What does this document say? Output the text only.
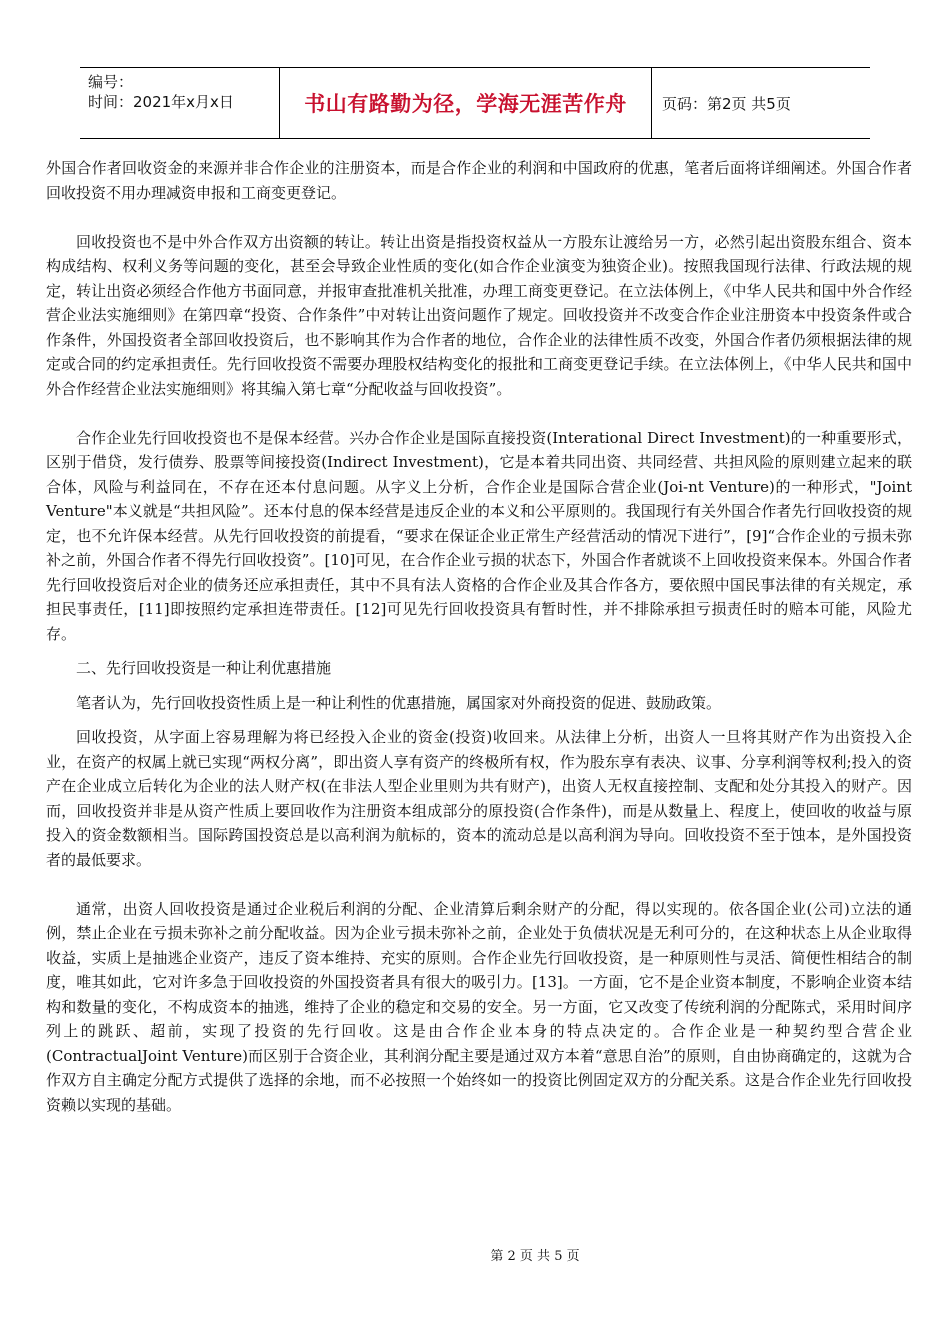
编号：
时间：2021年x月x日	书山有路勤为径，学海无涯苦作舟	页码：第2页 共5页

外国合作者回收资金的来源并非合作企业的注册资本，而是合作企业的利润和中国政府的优惠，笔者后面将详细阐述。外国合作者回收投资不用办理减资申报和工商变更登记。

回收投资也不是中外合作双方出资额的转让。转让出资是指投资权益从一方股东让渡给另一方，必然引起出资股东组合、资本构成结构、权利义务等问题的变化，甚至会导致企业性质的变化(如合作企业演变为独资企业)。按照我国现行法律、行政法规的规定，转让出资必须经合作他方书面同意，并报审查批准机关批准，办理工商变更登记。在立法体例上，《中华人民共和国中外合作经营企业法实施细则》在第四章“投资、合作条件”中对转让出资问题作了规定。回收投资并不改变合作企业注册资本中投资条件或合作条件，外国投资者全部回收投资后，也不影响其作为合作者的地位，合作企业的法律性质不改变，外国合作者仍须根据法律的规定或合同的约定承担责任。先行回收投资不需要办理股权结构变化的报批和工商变更登记手续。在立法体例上，《中华人民共和国中外合作经营企业法实施细则》将其编入第七章“分配收益与回收投资”。

合作企业先行回收投资也不是保本经营。兴办合作企业是国际直接投资(Interational Direct Investment)的一种重要形式，区别于借贷，发行债券、股票等间接投资(Indirect Investment)，它是本着共同出资、共同经营、共担风险的原则建立起来的联合体，风险与利益同在，不存在还本付息问题。从字义上分析，合作企业是国际合营企业(Joi-nt Venture)的一种形式，"Joint Venture"本义就是“共担风险”。还本付息的保本经营是违反企业的本义和公平原则的。我国现行有关外国合作者先行回收投资的规定，也不允许保本经营。从先行回收投资的前提看，“要求在保证企业正常生产经营活动的情况下进行”，[9]“合作企业的亏损未弥补之前，外国合作者不得先行回收投资”。[10]可见，在合作企业亏损的状态下，外国合作者就谈不上回收投资来保本。外国合作者先行回收投资后对企业的债务还应承担责任，其中不具有法人资格的合作企业及其合作各方，要依照中国民事法律的有关规定，承担民事责任，[11]即按照约定承担连带责任。[12]可见先行回收投资具有暂时性，并不排除承担亏损责任时的赔本可能，风险尤存。

二、先行回收投资是一种让利优惠措施

笔者认为，先行回收投资性质上是一种让利性的优惠措施，属国家对外商投资的促进、鼓励政策。

回收投资，从字面上容易理解为将已经投入企业的资金(投资)收回来。从法律上分析，出资人一旦将其财产作为出资投入企业，在资产的权属上就已实现“两权分离”，即出资人享有资产的终极所有权，作为股东享有表决、议事、分享利润等权利;投入的资产在企业成立后转化为企业的法人财产权(在非法人型企业里则为共有财产)，出资人无权直接控制、支配和处分其投入的财产。因而，回收投资并非是从资产性质上要回收作为注册资本组成部分的原投资(合作条件)，而是从数量上、程度上，使回收的收益与原投入的资金数额相当。国际跨国投资总是以高利润为航标的，资本的流动总是以高利润为导向。回收投资不至于蚀本，是外国投资者的最低要求。

通常，出资人回收投资是通过企业税后利润的分配、企业清算后剩余财产的分配，得以实现的。依各国企业(公司)立法的通例，禁止企业在亏损未弥补之前分配收益。因为企业亏损未弥补之前，企业处于负债状况是无利可分的，在这种状态上从企业取得收益，实质上是抽逃企业资产，违反了资本维持、充实的原则。合作企业先行回收投资，是一种原则性与灵活、简便性相结合的制度，唯其如此，它对许多急于回收投资的外国投资者具有很大的吸引力。[13]。一方面，它不是企业资本制度，不影响企业资本结构和数量的变化，不构成资本的抽逃，维持了企业的稳定和交易的安全。另一方面，它又改变了传统利润的分配陈式，采用时间序列上的跳跃、超前，实现了投资的先行回收。这是由合作企业本身的特点决定的。合作企业是一种契约型合营企业(ContractualJoint Venture)而区别于合资企业，其利润分配主要是通过双方本着“意思自治”的原则，自由协商确定的，这就为合作双方自主确定分配方式提供了选择的余地，而不必按照一个始终如一的投资比例固定双方的分配关系。这是合作企业先行回收投资赖以实现的基础。

第 2 页 共 5 页
